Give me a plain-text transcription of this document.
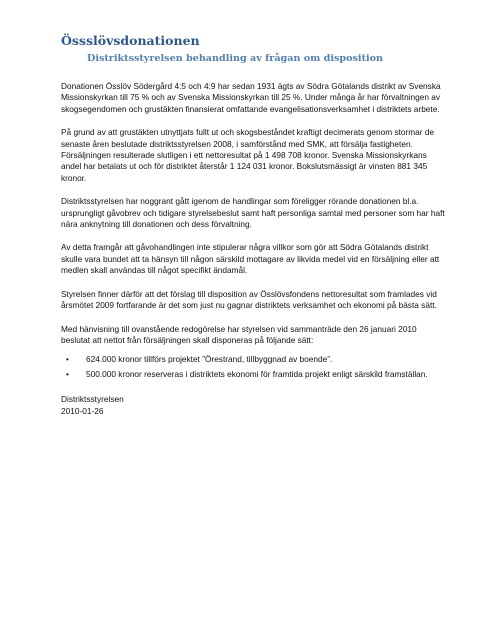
Össslövsdonationen
Distriktsstyrelsen behandling av frågan om disposition

Donationen Össlöv Södergård 4:5 och 4:9 har sedan 1931 ägts av Södra Götalands distrikt av Svenska Missionskyrkan till 75 % och av Svenska Missionskyrkan till 25 %. Under många år har förvaltningen av skogsegendomen och grustäkten finansierat omfattande evangelisationsverksamhet i distriktets arbete.

På grund av att grustäkten utnyttjats fullt ut och skogsbeståndet kraftigt decimerats genom stormar de senaste åren beslutade distriktsstyrelsen 2008, i samförstånd med SMK, att försälja fastigheten.

Försäljningen resulterade slutligen i ett nettoresultat på 1 498 708 kronor. Svenska Missionskyrkans andel har betalats ut och för distriktet återstår 1 124 031 kronor. Bokslutsmässigt är vinsten 881 345 kronor.

Distriktsstyrelsen har noggrant gått igenom de handlingar som föreligger rörande donationen bl.a. ursprungligt gåvobrev och tidigare styrelsebeslut samt haft personliga samtal med personer som har haft nära anknytning till donationen och dess förvaltning.

Av detta framgår att gåvohandlingen inte stipulerar några villkor som gör att Södra Götalands distrikt skulle vara bundet att ta hänsyn till någon särskild mottagare av likvida medel vid en försäljning eller att medlen skall användas till något specifikt ändamål.

Styrelsen finner därför att det förslag till disposition av Össlövsfondens nettoresultat som framlades vid årsmötet 2009 fortfarande är det som just nu gagnar distriktets verksamhet och ekonomi på bästa sätt.

Med hänvisning till ovanstående redogörelse har styrelsen vid sammanträde den 26 januari 2010 beslutat att nettot från försäljningen skall disponeras på följande sätt:

• 624.000 kronor tillförs projektet ”Örestrand, tillbyggnad av boende”.
• 500.000 kronor reserveras i distriktets ekonomi för framtida projekt enligt särskild framställan.
Distriktsstyrelsen
2010-01-26
